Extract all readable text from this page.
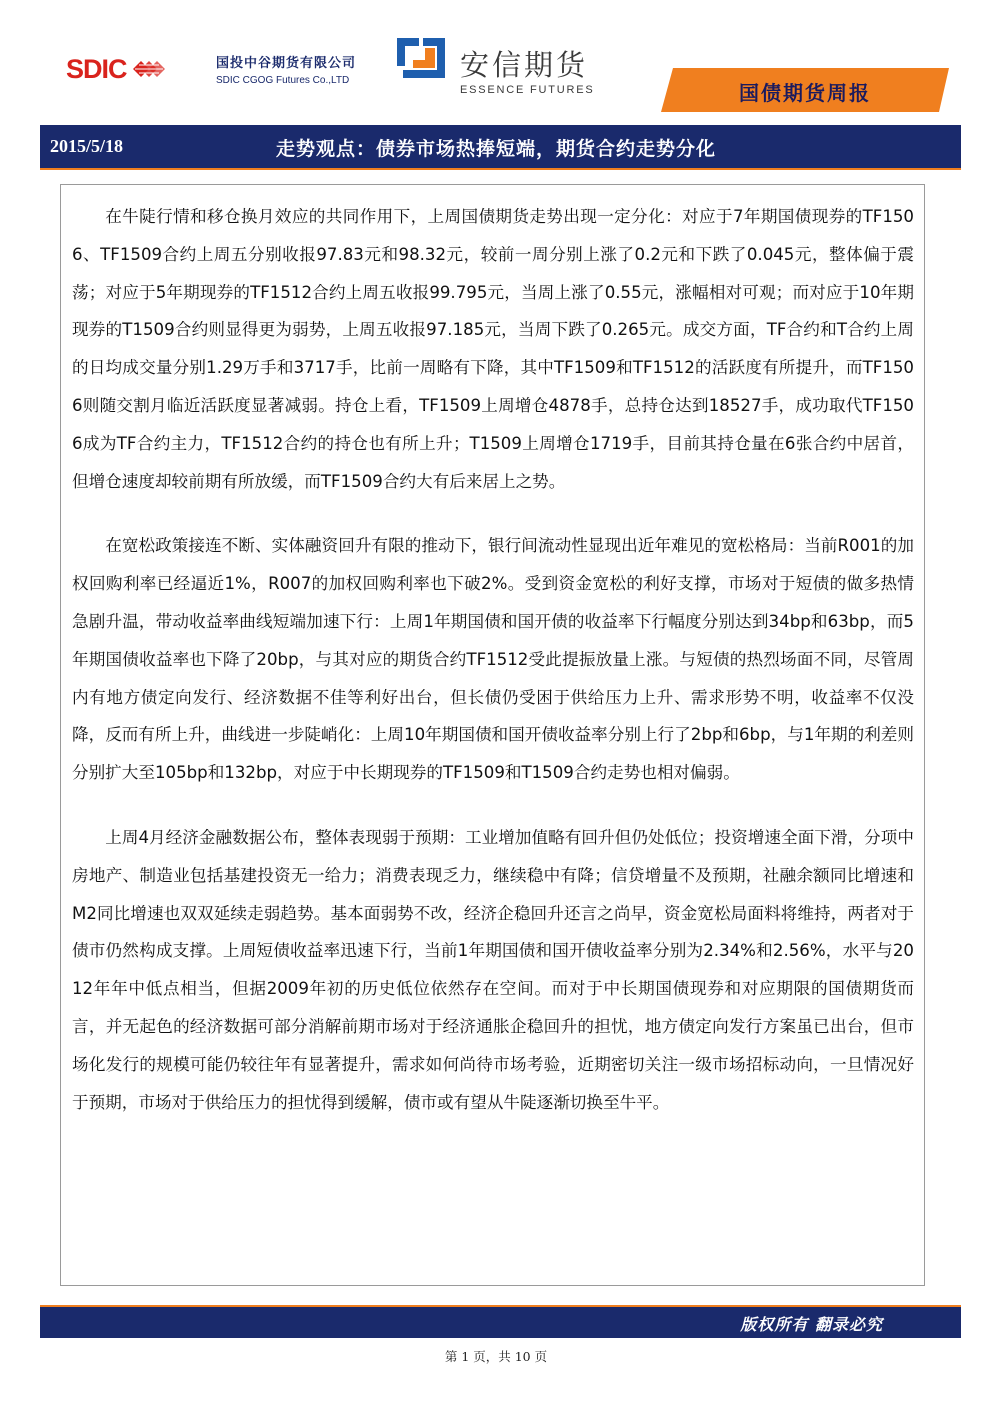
SDIC	国投中谷期货有限公司
SDIC CGOG Futures Co.,LTD	安信期货
ESSENCE FUTURES	国债期货周报
2015/5/18	走势观点：债券市场热捧短端，期货合约走势分化

在牛陡行情和移仓换月效应的共同作用下，上周国债期货走势出现一定分化：对应于7年期国债现券的TF1506、TF1509合约上周五分别收报97.83元和98.32元，较前一周分别上涨了0.2元和下跌了0.045元，整体偏于震荡；对应于5年期现券的TF1512合约上周五收报99.795元，当周上涨了0.55元，涨幅相对可观；而对应于10年期现券的T1509合约则显得更为弱势，上周五收报97.185元，当周下跌了0.265元。成交方面，TF合约和T合约上周的日均成交量分别1.29万手和3717手，比前一周略有下降，其中TF1509和TF1512的活跃度有所提升，而TF1506则随交割月临近活跃度显著减弱。持仓上看，TF1509上周增仓4878手，总持仓达到18527手，成功取代TF1506成为TF合约主力，TF1512合约的持仓也有所上升；T1509上周增仓1719手，目前其持仓量在6张合约中居首，但增仓速度却较前期有所放缓，而TF1509合约大有后来居上之势。

在宽松政策接连不断、实体融资回升有限的推动下，银行间流动性显现出近年难见的宽松格局：当前R001的加权回购利率已经逼近1%，R007的加权回购利率也下破2%。受到资金宽松的利好支撑，市场对于短债的做多热情急剧升温，带动收益率曲线短端加速下行：上周1年期国债和国开债的收益率下行幅度分别达到34bp和63bp，而5年期国债收益率也下降了20bp，与其对应的期货合约TF1512受此提振放量上涨。与短债的热烈场面不同，尽管周内有地方债定向发行、经济数据不佳等利好出台，但长债仍受困于供给压力上升、需求形势不明，收益率不仅没降，反而有所上升，曲线进一步陡峭化：上周10年期国债和国开债收益率分别上行了2bp和6bp，与1年期的利差则分别扩大至105bp和132bp，对应于中长期现券的TF1509和T1509合约走势也相对偏弱。

上周4月经济金融数据公布，整体表现弱于预期：工业增加值略有回升但仍处低位；投资增速全面下滑，分项中房地产、制造业包括基建投资无一给力；消费表现乏力，继续稳中有降；信贷增量不及预期，社融余额同比增速和M2同比增速也双双延续走弱趋势。基本面弱势不改，经济企稳回升还言之尚早，资金宽松局面料将维持，两者对于债市仍然构成支撑。上周短债收益率迅速下行，当前1年期国债和国开债收益率分别为2.34%和2.56%，水平与2012年年中低点相当，但据2009年初的历史低位依然存在空间。而对于中长期国债现券和对应期限的国债期货而言，并无起色的经济数据可部分消解前期市场对于经济通胀企稳回升的担忧，地方债定向发行方案虽已出台，但市场化发行的规模可能仍较往年有显著提升，需求如何尚待市场考验，近期密切关注一级市场招标动向，一旦情况好于预期，市场对于供给压力的担忧得到缓解，债市或有望从牛陡逐渐切换至牛平。

版权所有 翻录必究
第 1 页，共 10 页
